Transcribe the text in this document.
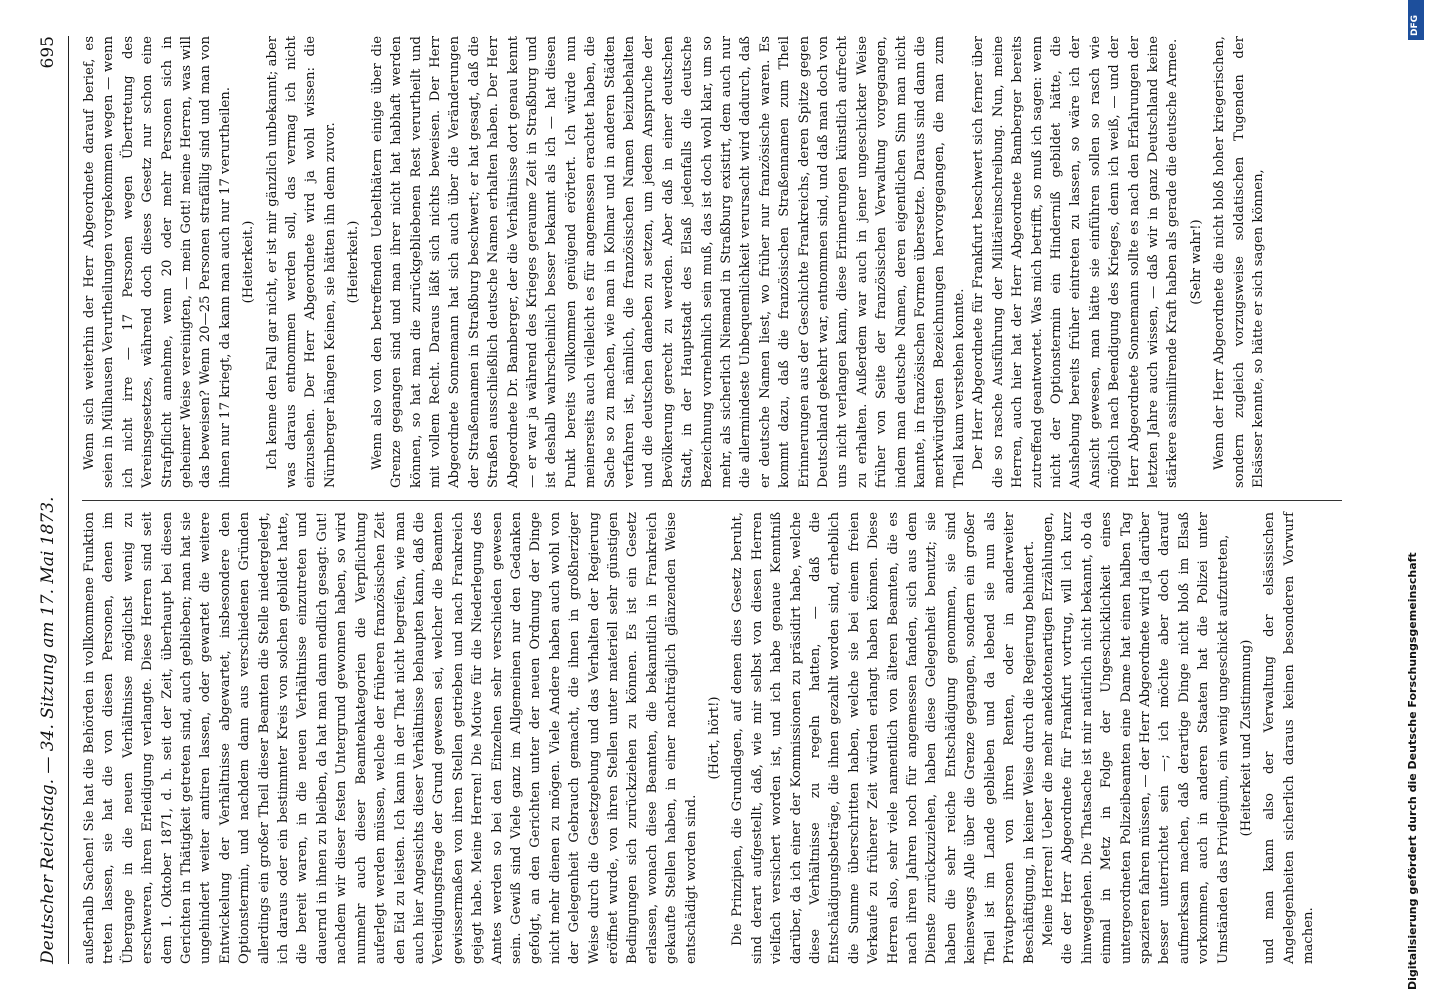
Deutscher Reichstag. — 34. Sitzung am 17. Mai 1873.
695

außerhalb Sachen! Sie hat die Behörden in vollkommene Funktion treten lassen, sie hat die von diesen Personen, denen im Übergange in die neuen Verhältnisse möglichst wenig zu erschweren, ihren Erleidigung verlangte. Diese Herren sind seit dem 1. Oktober 1871, d. h. seit der Zeit, überhaupt bei diesen Gerichten in Thätigkeit getreten sind, auch geblieben; man hat sie ungehindert weiter amtiren lassen, oder gewartet die weitere Entwickelung der Verhältnisse abgewartet, insbesondere den Optionstermin, und nachdem dann aus verschiedenen Gründen allerdings ein großer Theil dieser Beamten die Stelle niedergelegt, ich daraus oder ein bestimmter Kreis von solchen gebildet hatte, die bereit waren, in die neuen Verhältnisse einzutreten und dauernd in ihnen zu bleiben, da hat man dann endlich gesagt: Gut! nachdem wir dieser festen Untergrund gewonnen haben, so wird nunmehr auch dieser Beamtenkategorien die Verpflichtung auferlegt werden müssen, welche der früheren französischen Zeit den Eid zu leisten. Ich kann in der That nicht begreifen, wie man auch hier Angesichts dieser Verhältnisse behaupten kann, daß die Vereidigungsfrage der Grund gewesen sei, welcher die Beamten gewissermaßen von ihren Stellen getrieben und nach Frankreich gejagt habe. Meine Herren! Die Motive für die Niederlegung des Amtes werden so bei den Einzelnen sehr verschieden gewesen sein. Gewiß sind Viele ganz im Allgemeinen nur den Gedanken gefolgt, an den Gerichten unter der neuen Ordnung der Dinge nicht mehr dienen zu mögen. Viele Andere haben auch wohl von der Gelegenheit Gebrauch gemacht, die ihnen in großherziger Weise durch die Gesetzgebung und das Verhalten der Regierung eröffnet wurde, von ihren Stellen unter materiell sehr günstigen Bedingungen sich zurückziehen zu können. Es ist ein Gesetz erlassen, wonach diese Beamten, die bekanntlich in Frankreich gekaufte Stellen haben, in einer nachträglich glänzenden Weise entschädigt worden sind.

(Hört, hört!) Die Prinzipien, die Grundlagen, auf denen dies Gesetz beruht, sind derart aufgestellt, daß, wie mir selbst von diesen Herren vielfach versichert worden ist, und ich habe genaue Kenntniß darüber, da ich einer der Kommissionen zu präsidirt habe, welche diese Verhältnisse zu regeln hatten, — daß die Entschädigungsbeträge, die ihnen gezahlt worden sind, erheblich die Summe überschritten haben, welche sie bei einem freien Verkaufe zu früherer Zeit würden erlangt haben können. Diese Herren also, sehr viele namentlich von älteren Beamten, die es nach ihren Jahren noch für angemessen fanden, sich aus dem Dienste zurückzuziehen, haben diese Gelegenheit benutzt; sie haben die sehr reiche Entschädigung genommen, sie sind keineswegs Alle über die Grenze gegangen, sondern ein großer Theil ist im Lande geblieben und da lebend sie nun als Privatpersonen von ihren Renten, oder in anderweiter Beschäftigung, in keiner Weise durch die Regierung behindert. Meine Herren! Ueber die mehr anekdotenartigen Erzählungen, die der Herr Abgeordnete für Frankfurt vortrug, will ich kurz hinweggehen. Die Thatsache ist mir natürlich nicht bekannt, ob da einmal in Metz in Folge der Ungeschicklichkeit eines untergeordneten Polizeibeamten eine Dame hat einen halben Tag spazieren fahren müssen, — der Herr Abgeordnete wird ja darüber besser unterrichtet sein —; ich möchte aber doch darauf aufmerksam machen, daß derartige Dinge nicht bloß im Elsaß vorkommen, auch in anderen Staaten hat die Polizei unter Umständen das Privilegium, ein wenig ungeschickt aufzutreten, (Heiterkeit und Zustimmung) und man kann also der Verwaltung der elsässischen Angelegenheiten sicherlich daraus keinen besonderen Vorwurf machen.

Wenn sich weiterhin der Herr Abgeordnete darauf berief, es seien in Mülhausen Verurtheilungen vorgekommen wegen — wenn ich nicht irre — 17 Personen wegen Übertretung des Vereinsgesetzes, während doch dieses Gesetz nur schon eine Strafpflicht annehme, wenn 20 oder mehr Personen sich in geheimer Weise vereinigten, — mein Gott! meine Herren, was will das beweisen? Wenn 20—25 Personen strafällig sind und man von ihnen nur 17 kriegt, da kann man auch nur 17 verurtheilen. (Heiterkeit.) Ich kenne den Fall gar nicht, er ist mir gänzlich unbekannt; aber was daraus entnommen werden soll, das vermag ich nicht einzusehen. Der Herr Abgeordnete wird ja wohl wissen: die Nürnberger hängen Keinen, sie hätten ihn denn zuvor. (Heiterkeit.) Wenn also von den betreffenden Uebelthätern einige über die Grenze gegangen sind und man ihrer nicht hat habhaft werden können, so hat man die zurückgebliebenen Rest verurtheilt und mit vollem Recht. Daraus läßt sich nichts beweisen. Der Herr Abgeordnete Sonnemann hat sich auch über die Veränderungen der Straßennamen in Straßburg beschwert; er hat gesagt, daß die Straßen ausschließlich deutsche Namen erhalten haben. Der Herr Abgeordnete Dr. Bamberger, der die Verhältnisse dort genau kennt — er war ja während des Krieges geraume Zeit in Straßburg und ist deshalb wahrscheinlich besser bekannt als ich — hat diesen Punkt bereits vollkommen genügend erörtert. Ich würde nun meinerseits auch vielleicht es für angemessen erachtet haben, die Sache so zu machen, wie man in Kolmar und in anderen Städten verfahren ist, nämlich, die französischen Namen beizubehalten und die deutschen daneben zu setzen, um jedem Anspruche der Bevölkerung gerecht zu werden. Aber daß in einer deutschen Stadt, in der Hauptstadt des Elsaß jedenfalls die deutsche Bezeichnung vornehmlich sein muß, das ist doch wohl klar, um so mehr, als sicherlich Niemand in Straßburg existirt, dem auch nur die allermindeste Unbequemlichkeit verursacht wird dadurch, daß er deutsche Namen liest, wo früher nur französische waren. Es kommt dazu, daß die französischen Straßennamen zum Theil Erinnerungen aus der Geschichte Frankreichs, deren Spitze gegen Deutschland gekehrt war, entnommen sind, und daß man doch von uns nicht verlangen kann, diese Erinnerungen künstlich aufrecht zu erhalten. Außerdem war auch in jener ungeschickter Weise früher von Seite der französischen Verwaltung vorgegangen, indem man deutsche Namen, deren eigentlichen Sinn man nicht kannte, in französischen Formen übersetzte. Daraus sind dann die merkwürdigsten Bezeichnungen hervorgegangen, die man zum Theil kaum verstehen konnte. Der Herr Abgeordnete für Frankfurt beschwert sich ferner über die so rasche Ausführung der Militäreinschreibung. Nun, meine Herren, auch hier hat der Herr Abgeordnete Bamberger bereits zutreffend geantwortet. Was mich betrifft, so muß ich sagen: wenn nicht der Optionstermin ein Hinderniß gebildet hätte, die Aushebung bereits früher eintreten zu lassen, so wäre ich der Ansicht gewesen, man hätte sie einführen sollen so rasch wie möglich nach Beendigung des Krieges, denn ich weiß, — und der Herr Abgeordnete Sonnemann sollte es nach den Erfahrungen der letzten Jahre auch wissen, — daß wir in ganz Deutschland keine stärkere assimilirende Kraft haben als gerade die deutsche Armee. (Sehr wahr!) Wenn der Herr Abgeordnete die nicht bloß hoher kriegerischen, sondern zugleich vorzugsweise soldatischen Tugenden der Elsässer kennte, so hätte er sich sagen können,

DFG
Digitalisierung gefördert durch die Deutsche Forschungsgemeinschaft
